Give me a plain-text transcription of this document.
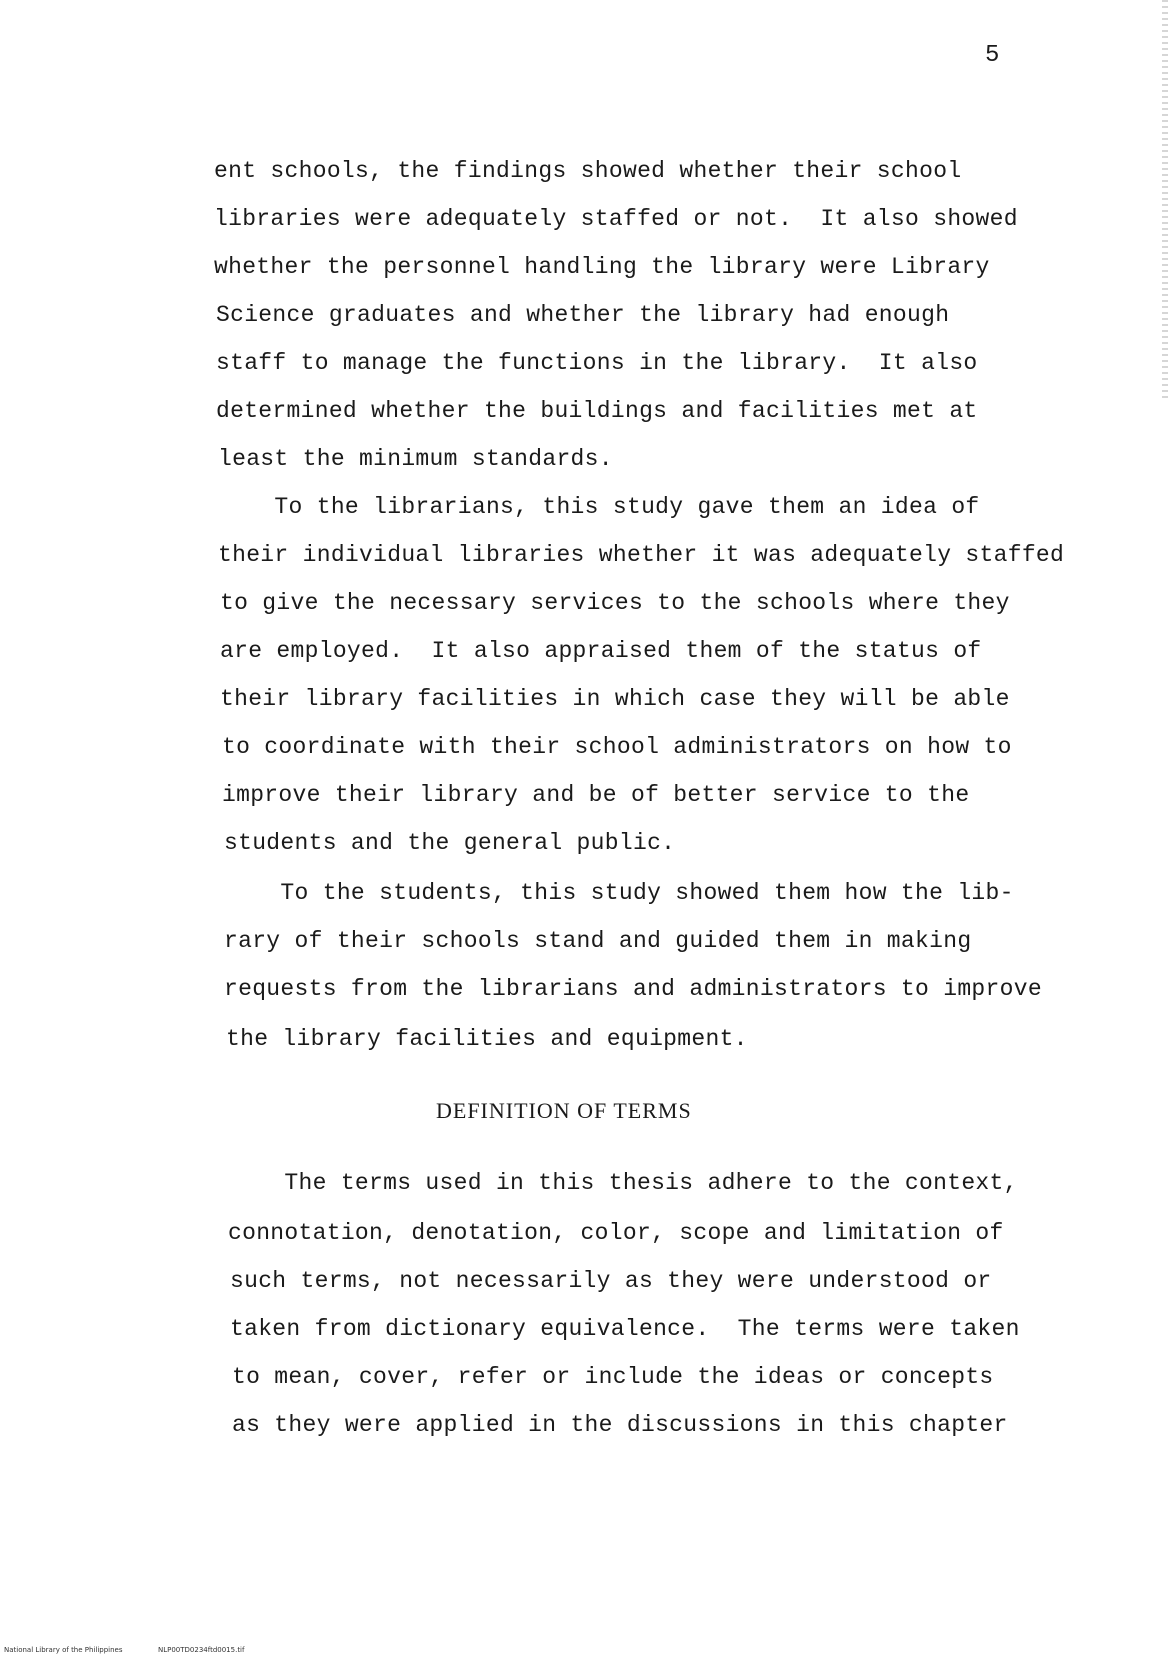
5
ent schools, the findings showed whether their school
libraries were adequately staffed or not.  It also showed
whether the personnel handling the library were Library
Science graduates and whether the library had enough
staff to manage the functions in the library.  It also
determined whether the buildings and facilities met at
least the minimum standards.
To the librarians, this study gave them an idea of
their individual libraries whether it was adequately staffed
to give the necessary services to the schools where they
are employed.  It also appraised them of the status of
their library facilities in which case they will be able
to coordinate with their school administrators on how to
improve their library and be of better service to the
students and the general public.
To the students, this study showed them how the lib-
rary of their schools stand and guided them in making
requests from the librarians and administrators to improve
the library facilities and equipment.
DEFINITION OF TERMS
The terms used in this thesis adhere to the context,
connotation, denotation, color, scope and limitation of
such terms, not necessarily as they were understood or
taken from dictionary equivalence.  The terms were taken
to mean, cover, refer or include the ideas or concepts
as they were applied in the discussions in this chapter
National Library of the Philippines	NLP00TD0234ftd0015.tif
